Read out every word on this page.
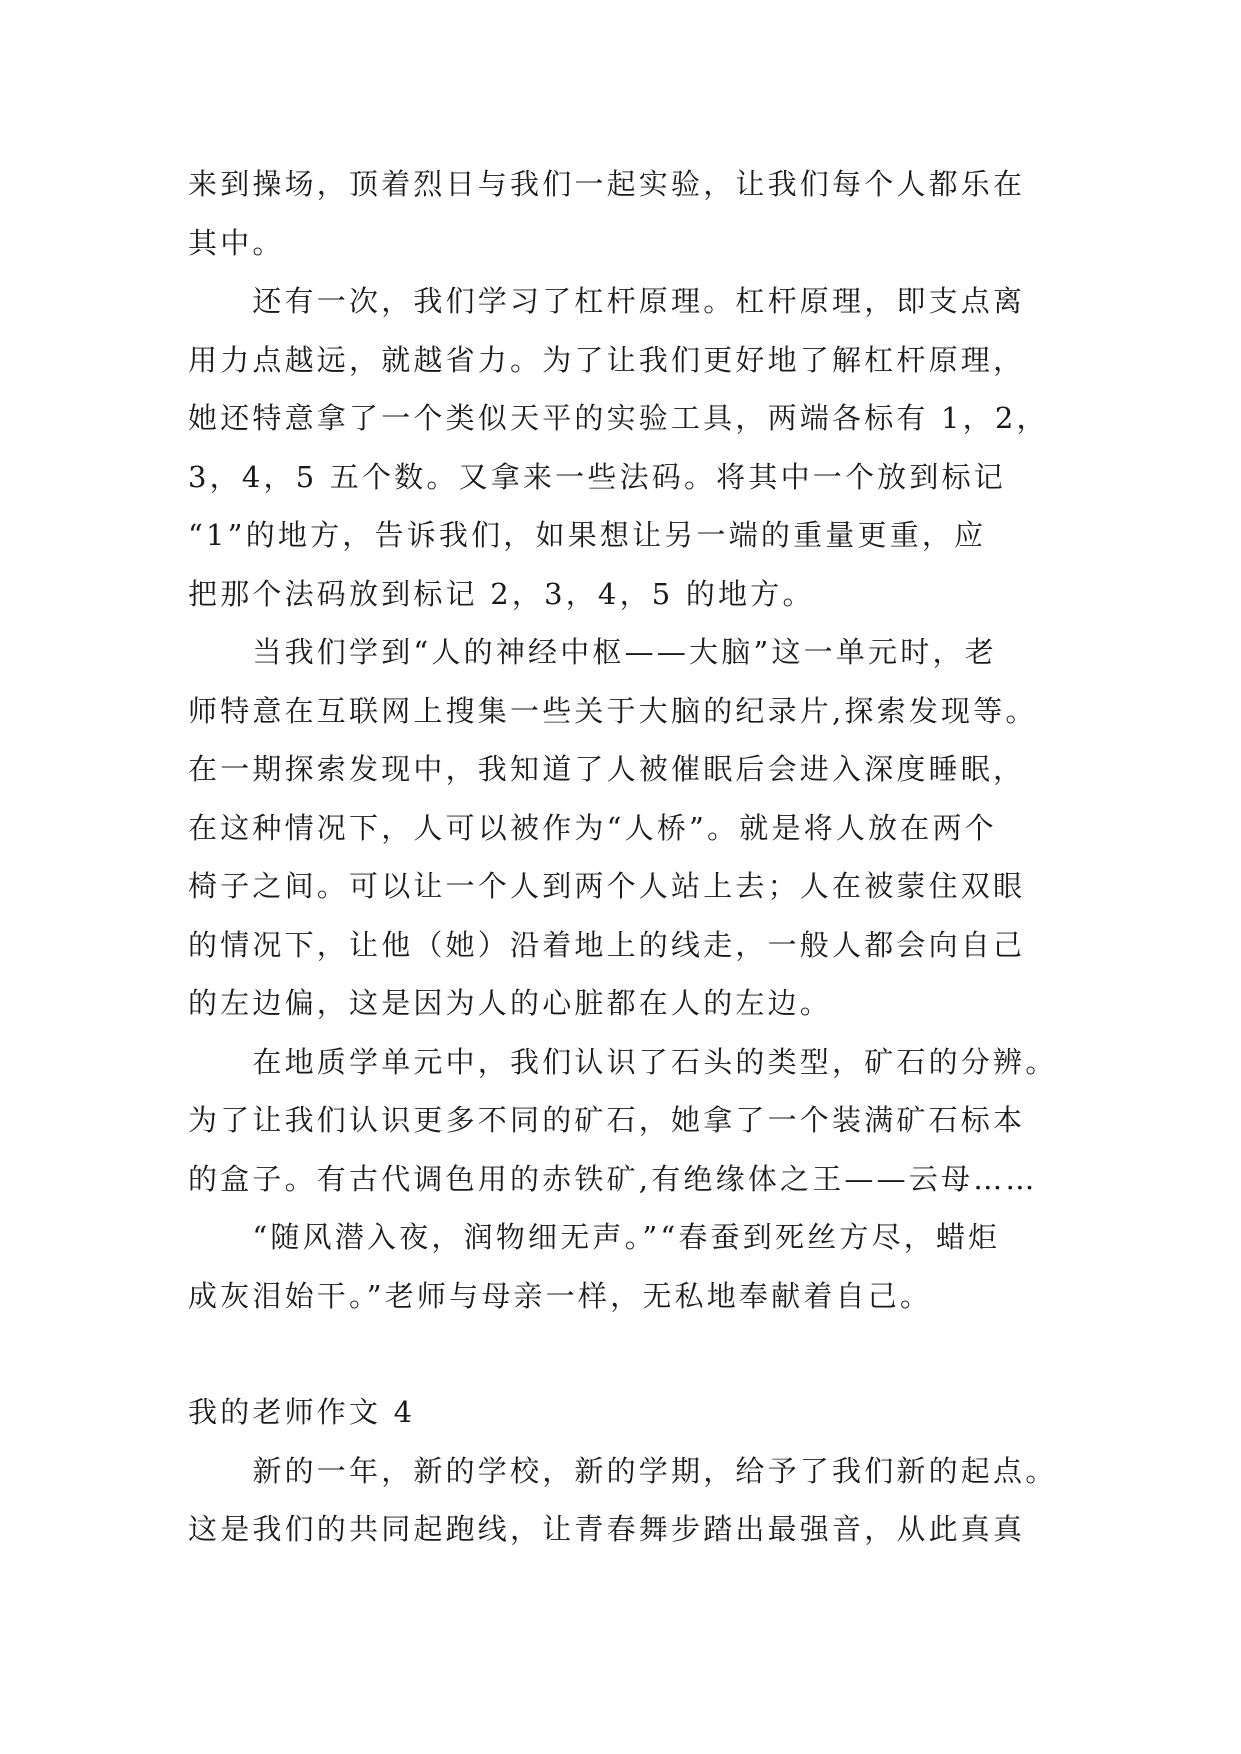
来到操场，顶着烈日与我们一起实验，让我们每个人都乐在
其中。
　　还有一次，我们学习了杠杆原理。杠杆原理，即支点离
用力点越远，就越省力。为了让我们更好地了解杠杆原理，
她还特意拿了一个类似天平的实验工具，两端各标有 1，2，
3，4，5 五个数。又拿来一些法码。将其中一个放到标记
“1”的地方，告诉我们，如果想让另一端的重量更重，应
把那个法码放到标记 2，3，4，5 的地方。
　　当我们学到“人的神经中枢——大脑”这一单元时，老
师特意在互联网上搜集一些关于大脑的纪录片,探索发现等。
在一期探索发现中，我知道了人被催眠后会进入深度睡眠，
在这种情况下，人可以被作为“人桥”。就是将人放在两个
椅子之间。可以让一个人到两个人站上去；人在被蒙住双眼
的情况下，让他（她）沿着地上的线走，一般人都会向自己
的左边偏，这是因为人的心脏都在人的左边。
　　在地质学单元中，我们认识了石头的类型，矿石的分辨。
为了让我们认识更多不同的矿石，她拿了一个装满矿石标本
的盒子。有古代调色用的赤铁矿,有绝缘体之王——云母……
　　“随风潜入夜，润物细无声。”“春蚕到死丝方尽，蜡炬
成灰泪始干。”老师与母亲一样，无私地奉献着自己。
我的老师作文 4
　　新的一年，新的学校，新的学期，给予了我们新的起点。
这是我们的共同起跑线，让青春舞步踏出最强音，从此真真
